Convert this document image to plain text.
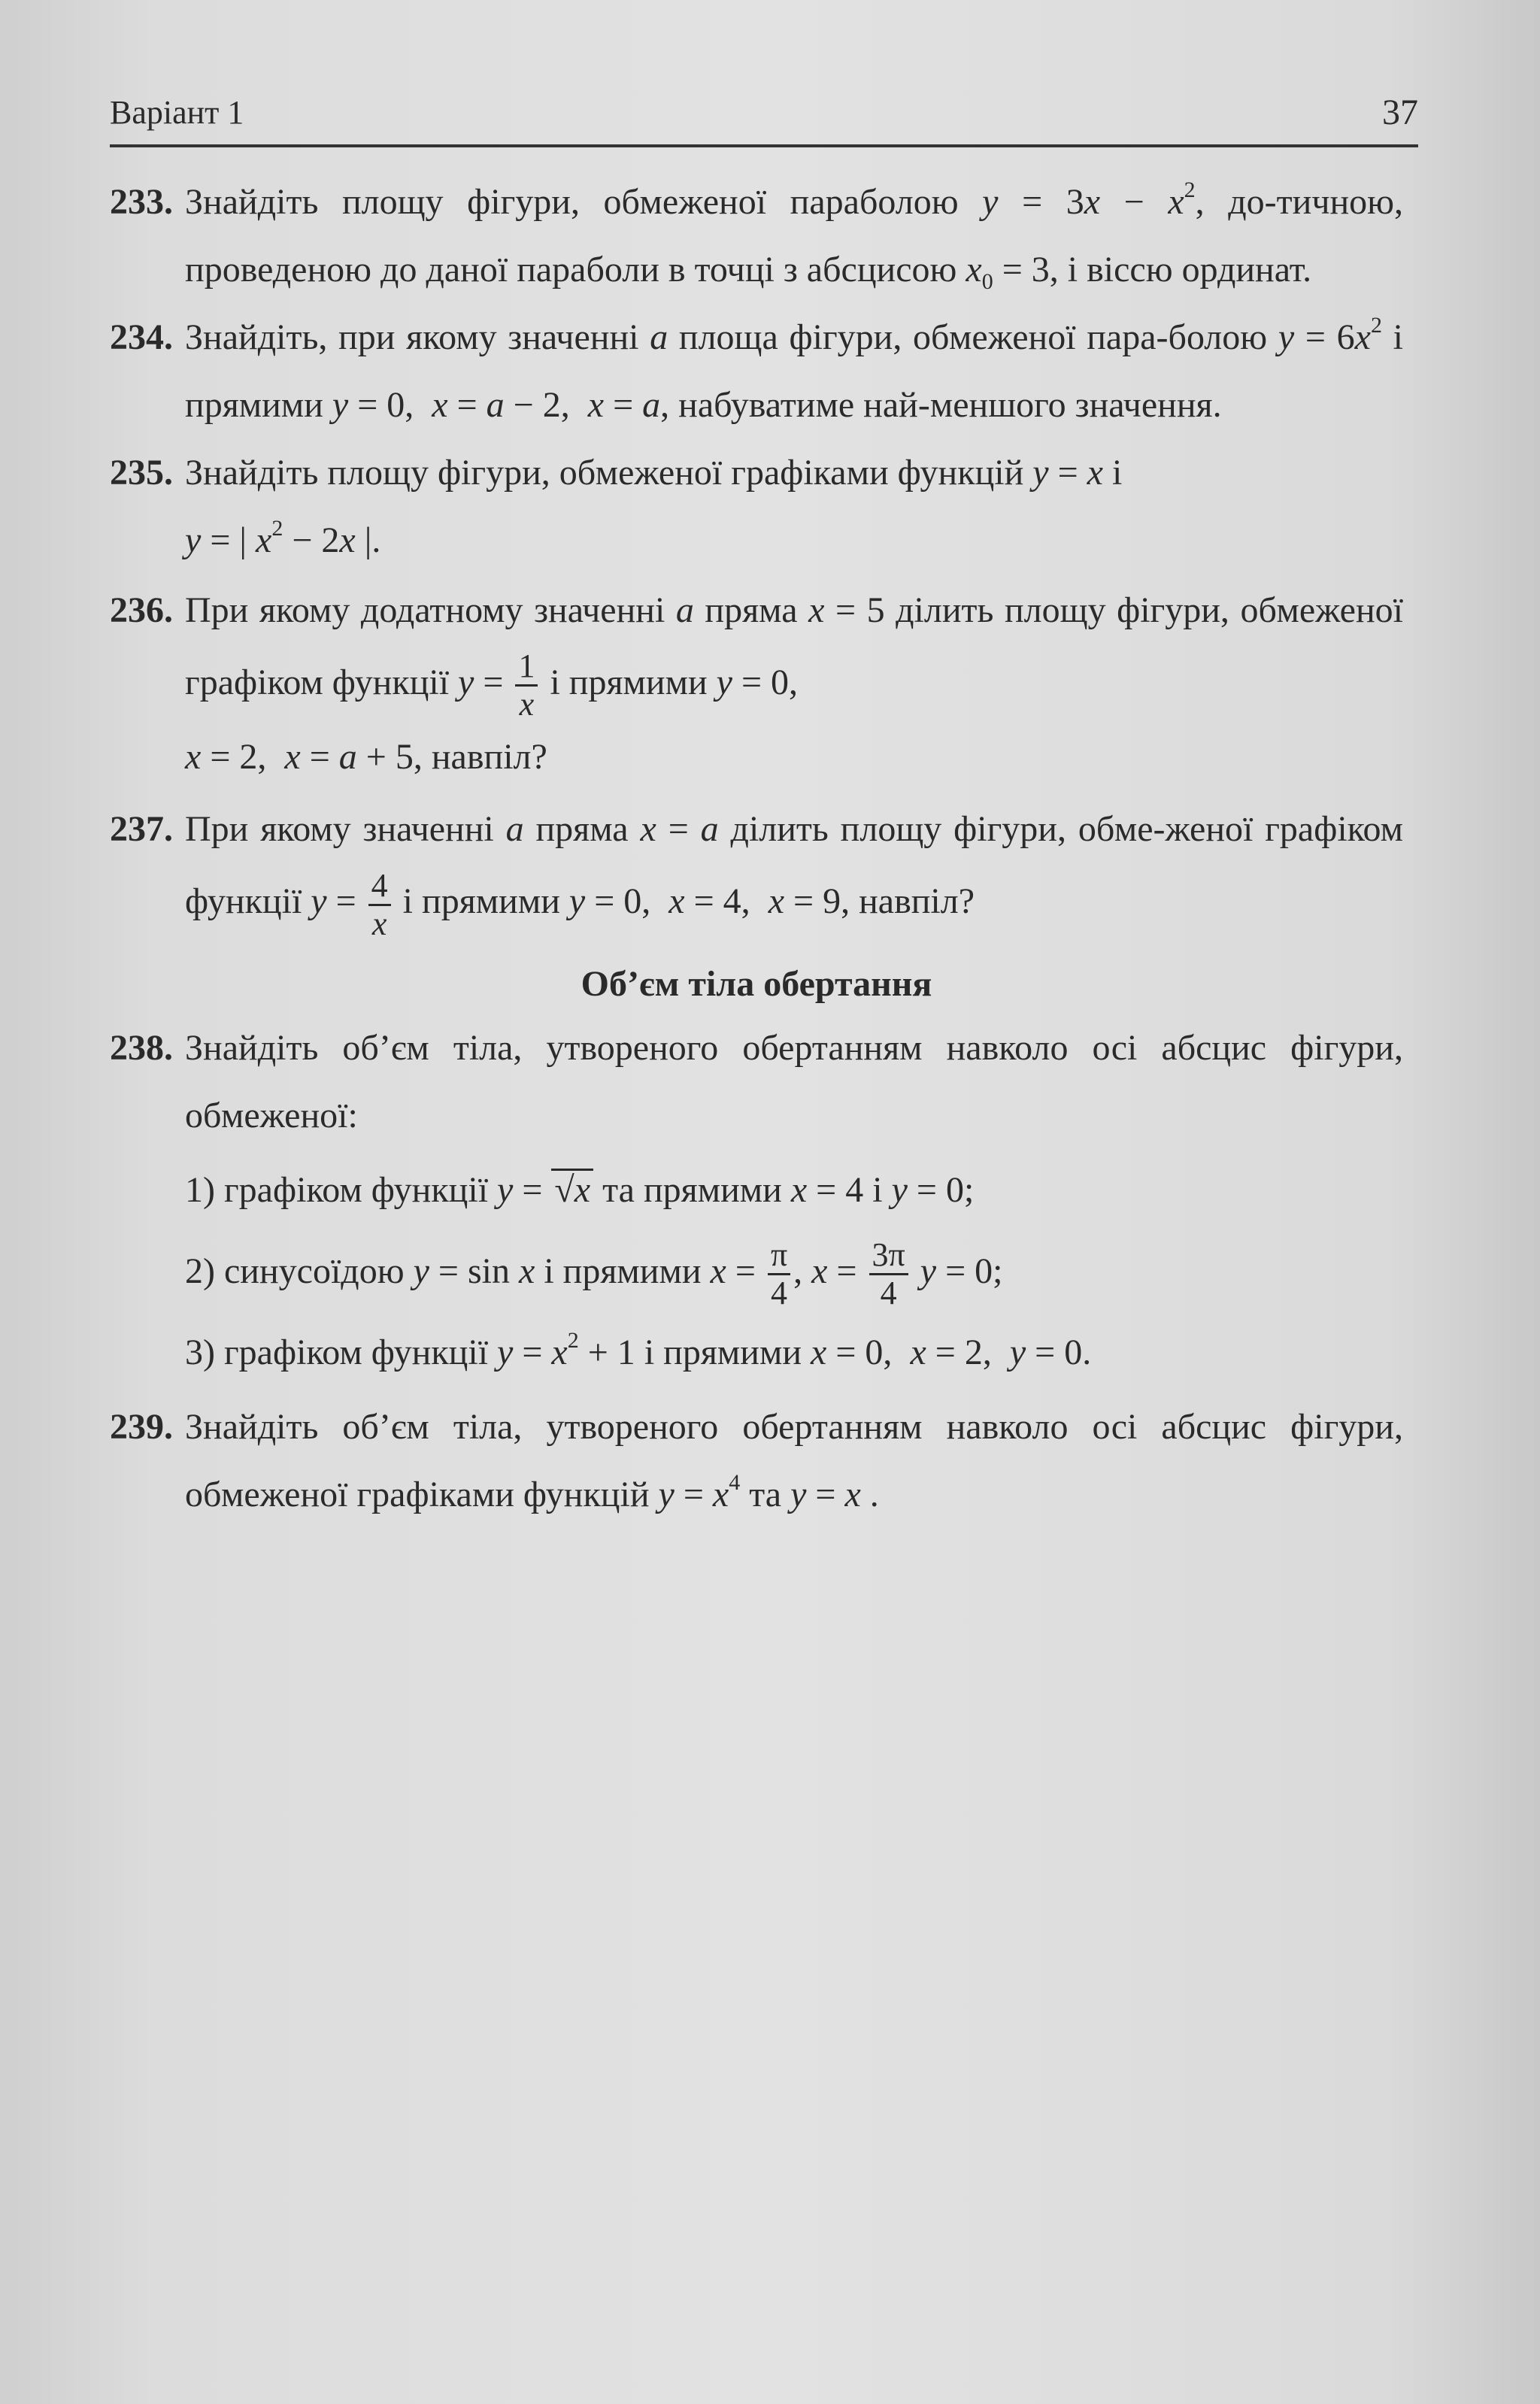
Варіант 1	37
233. Знайдіть площу фігури, обмеженої параболою $y = 3x - x^2$, до-тичною, проведеною до даної параболи в точці з абсцисою $x_0 = 3$, і віссю ординат.
234. Знайдіть, при якому значенні a площа фігури, обмеженої пара-болою $y = 6x^2$ і прямими y = 0,  x = a − 2,  x = a, набуватиме най-меншого значення.
235. Знайдіть площу фігури, обмеженої графіками функцій y = x і
y = | $x^2 - 2x$ |.
236. При якому додатному значенні a пряма x = 5 ділить площу фігури, обмеженої графіком функції $y = \frac{1}{x}$ і прямими y = 0,
x = 2,  x = a + 5, навпіл?
237. При якому значенні a пряма x = a ділить площу фігури, обме-женої графіком функції $y = \frac{4}{x}$ і прямими y = 0,  x = 4,  x = 9, навпіл?
Об’єм тіла обертання
238. Знайдіть об’єм тіла, утвореного обертанням навколо осі абсцис фігури, обмеженої:
1) графіком функції y = √x та прямими x = 4 і y = 0;
2) синусоїдою y = sin x і прямими $x = \frac{\pi}{4}$ , $x = \frac{3\pi}{4}$ y = 0;
3) графіком функції $y = x^2 + 1$ і прямими x = 0,  x = 2,  y = 0.
239. Знайдіть об’єм тіла, утвореного обертанням навколо осі абсцис фігури, обмеженої графіками функцій $y = x^4$ та y = x .
